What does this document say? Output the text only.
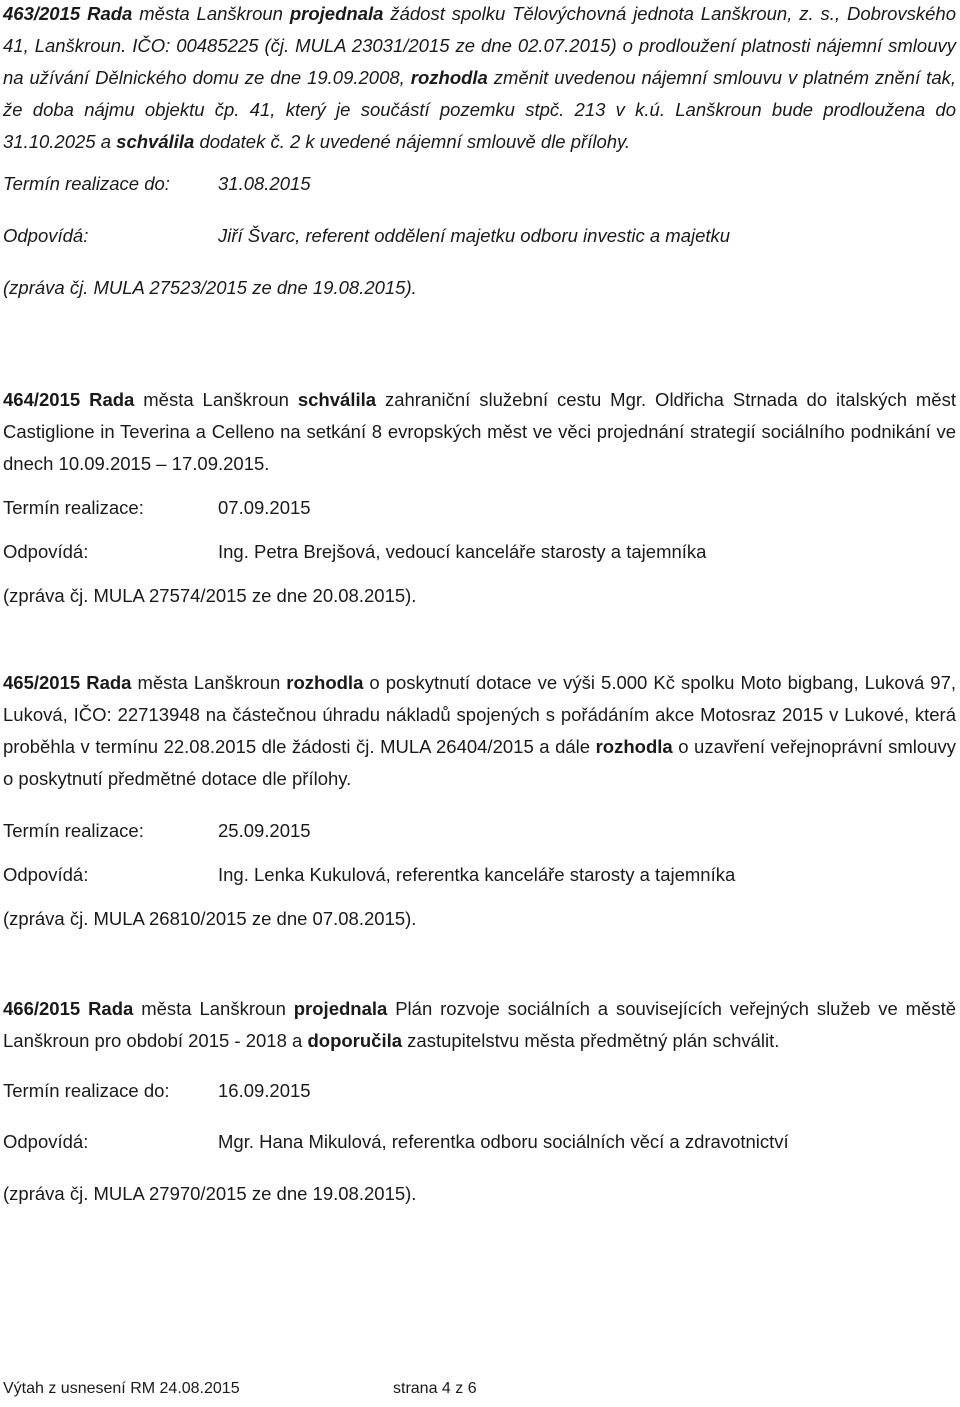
463/2015 Rada města Lanškroun projednala žádost spolku Tělovýchovná jednota Lanškroun, z. s., Dobrovského 41, Lanškroun. IČO: 00485225 (čj. MULA 23031/2015 ze dne 02.07.2015) o prodloužení platnosti nájemní smlouvy na užívání Dělnického domu ze dne 19.09.2008, rozhodla změnit uvedenou nájemní smlouvu v platném znění tak, že doba nájmu objektu čp. 41, který je součástí pozemku stpč. 213 v k.ú. Lanškroun bude prodloužena do 31.10.2025 a schválila dodatek č. 2 k uvedené nájemní smlouvě dle přílohy.

Termín realizace do:	31.08.2015
Odpovídá:	Jiří Švarc, referent oddělení majetku odboru investic a majetku
(zpráva čj. MULA 27523/2015 ze dne 19.08.2015).

464/2015 Rada města Lanškroun schválila zahraniční služební cestu Mgr. Oldřicha Strnada do italských měst Castiglione in Teverina a Celleno na setkání 8 evropských měst ve věci projednání strategií sociálního podnikání ve dnech 10.09.2015 – 17.09.2015.

Termín realizace:	07.09.2015
Odpovídá:	Ing. Petra Brejšová, vedoucí kanceláře starosty a tajemníka
(zpráva čj. MULA 27574/2015 ze dne 20.08.2015).

465/2015 Rada města Lanškroun rozhodla o poskytnutí dotace ve výši 5.000 Kč spolku Moto bigbang, Luková 97, Luková, IČO: 22713948 na částečnou úhradu nákladů spojených s pořádáním akce Motosraz 2015 v Lukové, která proběhla v termínu 22.08.2015 dle žádosti čj. MULA 26404/2015 a dále rozhodla o uzavření veřejnoprávní smlouvy o poskytnutí předmětné dotace dle přílohy.

Termín realizace:	25.09.2015
Odpovídá:	Ing. Lenka Kukulová, referentka kanceláře starosty a tajemníka
(zpráva čj. MULA 26810/2015 ze dne 07.08.2015).

466/2015 Rada města Lanškroun projednala Plán rozvoje sociálních a souvisejících veřejných služeb ve městě Lanškroun pro období 2015 - 2018 a doporučila zastupitelstvu města předmětný plán schválit.

Termín realizace do:	16.09.2015
Odpovídá:	Mgr. Hana Mikulová, referentka odboru sociálních věcí a zdravotnictví
(zpráva čj. MULA 27970/2015 ze dne 19.08.2015).
Výtah z usnesení RM 24.08.2015	strana 4 z 6
